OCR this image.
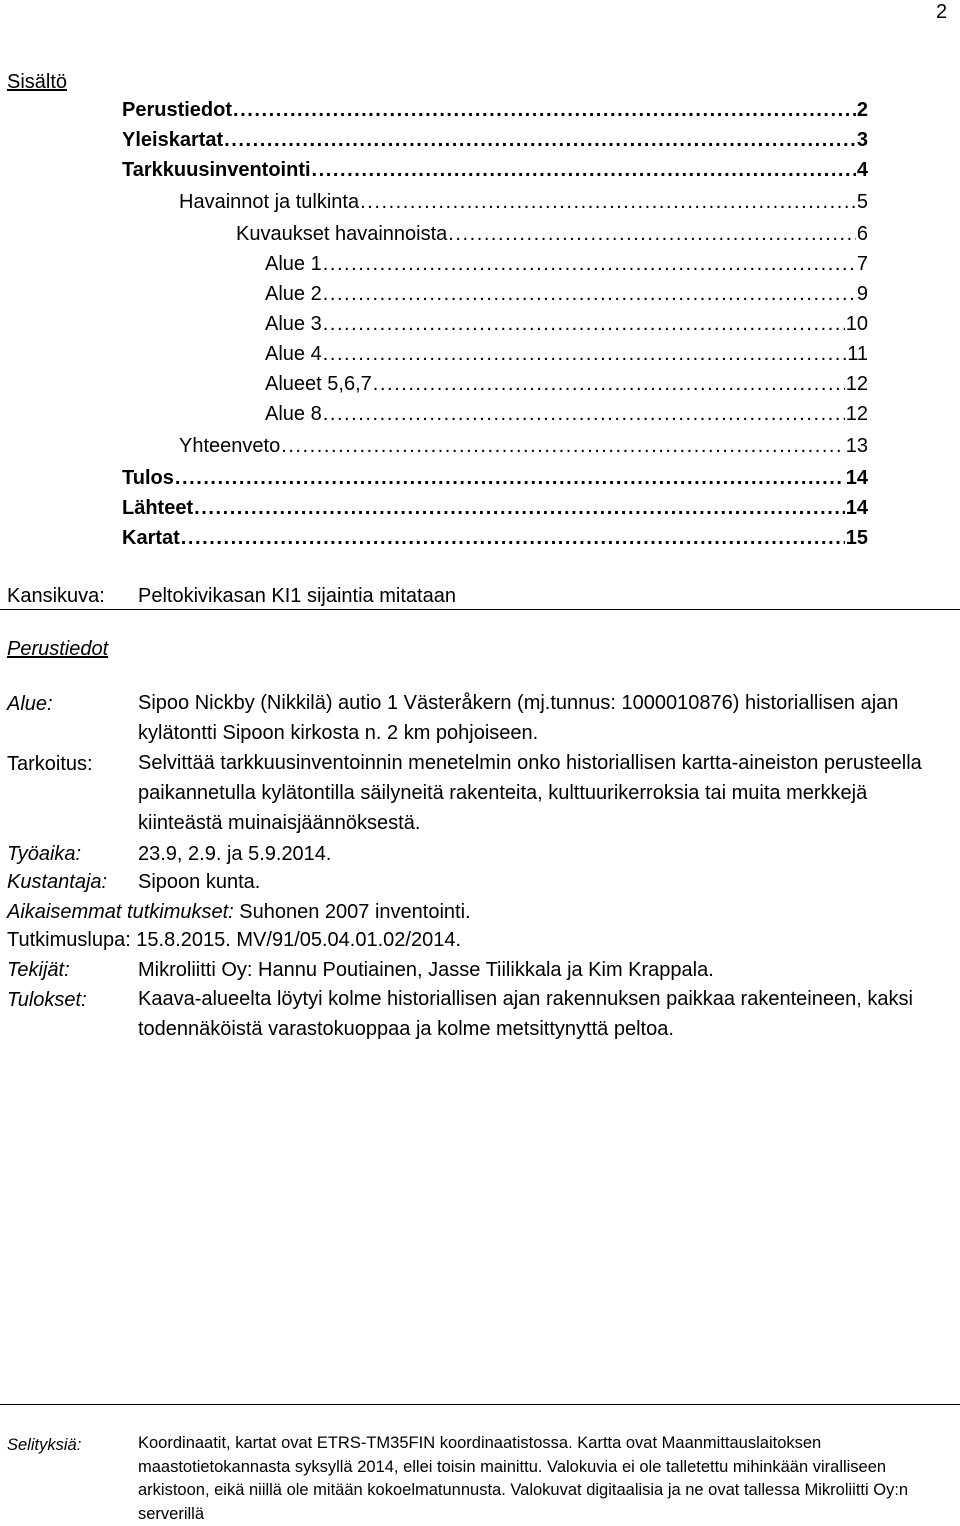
2
Sisältö
Perustiedot . . .	2
Yleiskartat . . .	3
Tarkkuusinventointi . . .	4
Havainnot ja tulkinta . . .	5
Kuvaukset havainnoista . . .	6
Alue 1 . . .	7
Alue 2 . . .	9
Alue 3 . . .	10
Alue 4 . . .	11
Alueet 5,6,7 . . .	12
Alue 8 . . .	12
Yhteenveto . . .	13
Tulos . . .	14
Lähteet . . .	14
Kartat . . .	15
Kansikuva: Peltokivikasan KI1 sijaintia mitataan
Perustiedot
Alue:	Sipoo Nickby (Nikkilä) autio 1 Västeråkern (mj.tunnus: 1000010876) historiallisen ajan kylätontti Sipoon kirkosta n. 2 km pohjoiseen.
Tarkoitus: Selvittää tarkkuusinventoinnin menetelmin onko historiallisen kartta-aineiston perusteella paikannetulla kylätontilla säilyneitä rakenteita, kulttuurikerroksia tai muita merkkejä kiinteästä muinaisjäännöksestä.
Työaika:	23.9, 2.9. ja 5.9.2014.
Kustantaja: Sipoon kunta.
Aikaisemmat tutkimukset: Suhonen 2007 inventointi.
Tutkimuslupa: 15.8.2015. MV/91/05.04.01.02/2014.
Tekijät:	Mikroliitti Oy: Hannu Poutiainen, Jasse Tiilikkala ja Kim Krappala.
Tulokset:	Kaava-alueelta löytyi kolme historiallisen ajan rakennuksen paikkaa rakenteineen, kaksi todennäköistä varastokuoppaa ja kolme metsittynyttä peltoa.
Selityksiä:	Koordinaatit, kartat ovat ETRS-TM35FIN koordinaatistossa. Kartta ovat Maanmittauslaitoksen maastotietokannasta syksyllä 2014, ellei toisin mainittu. Valokuvia ei ole talletettu mihinkään viralliseen arkistoon, eikä niillä ole mitään kokoelmatunnusta. Valokuvat digitaalisia ja ne ovat tallessa Mikroliitti Oy:n serverillä
